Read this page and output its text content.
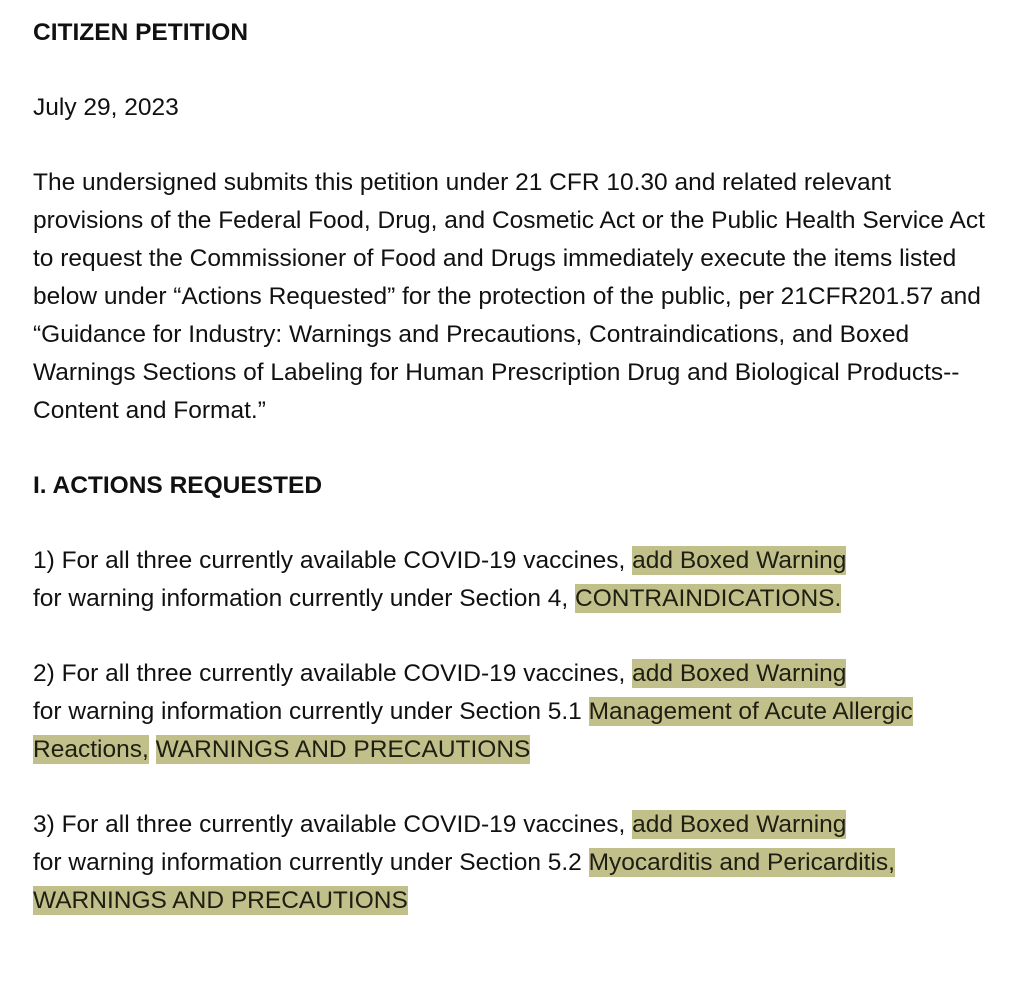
CITIZEN PETITION

July 29, 2023

The undersigned submits this petition under 21 CFR 10.30 and related relevant provisions of the Federal Food, Drug, and Cosmetic Act or the Public Health Service Act to request the Commissioner of Food and Drugs immediately execute the items listed below under “Actions Requested” for the protection of the public, per 21CFR201.57 and “Guidance for Industry: Warnings and Precautions, Contraindications, and Boxed Warnings Sections of Labeling for Human Prescription Drug and Biological Products--Content and Format.”

I. ACTIONS REQUESTED

1) For all three currently available COVID-19 vaccines, add Boxed Warning
for warning information currently under Section 4, CONTRAINDICATIONS.

2) For all three currently available COVID-19 vaccines, add Boxed Warning
for warning information currently under Section 5.1 Management of Acute Allergic Reactions, WARNINGS AND PRECAUTIONS

3) For all three currently available COVID-19 vaccines, add Boxed Warning
for warning information currently under Section 5.2 Myocarditis and Pericarditis, WARNINGS AND PRECAUTIONS
